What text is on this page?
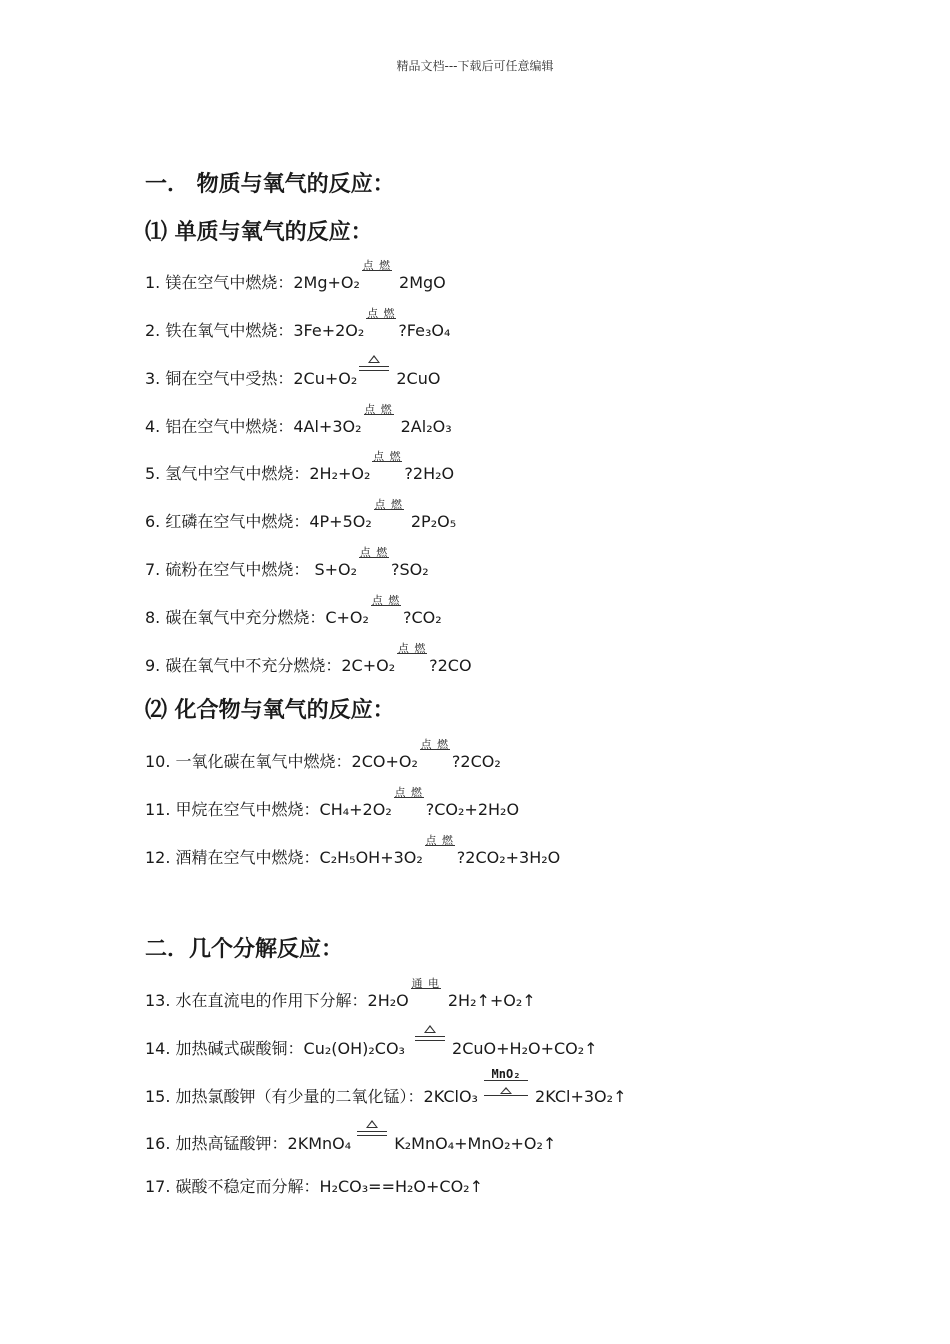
精品文档---下载后可任意编辑
一． 物质与氧气的反应：
⑴ 单质与氧气的反应：
1. 镁在空气中燃烧：2Mg+O₂
点 燃
2MgO
2. 铁在氧气中燃烧：3Fe+2O₂
点 燃
?Fe₃O₄
3. 铜在空气中受热：2Cu+O₂
2CuO
4. 铝在空气中燃烧：4Al+3O₂
点 燃
2Al₂O₃
5. 氢气中空气中燃烧：2H₂+O₂
点 燃
?2H₂O
6. 红磷在空气中燃烧：4P+5O₂
点 燃
2P₂O₅
7. 硫粉在空气中燃烧： S+O₂
点 燃
?SO₂
8. 碳在氧气中充分燃烧：C+O₂
点 燃
?CO₂
9. 碳在氧气中不充分燃烧：2C+O₂
点 燃
?2CO
⑵ 化合物与氧气的反应：
10. 一氧化碳在氧气中燃烧：2CO+O₂
点 燃
?2CO₂
11. 甲烷在空气中燃烧：CH₄+2O₂
点 燃
?CO₂+2H₂O
12. 酒精在空气中燃烧：C₂H₅OH+3O₂
点 燃
?2CO₂+3H₂O
二．几个分解反应：
13. 水在直流电的作用下分解：2H₂O
通 电
2H₂↑+O₂↑
14. 加热碱式碳酸铜：Cu₂(OH)₂CO₃	2CuO+H₂O+CO₂↑
15. 加热氯酸钾（有少量的二氧化锰）：2KClO₃
MnO₂
2KCl+3O₂↑
16. 加热高锰酸钾：2KMnO₄
K₂MnO₄+MnO₂+O₂↑
17. 碳酸不稳定而分解：H₂CO₃==H₂O+CO₂↑
